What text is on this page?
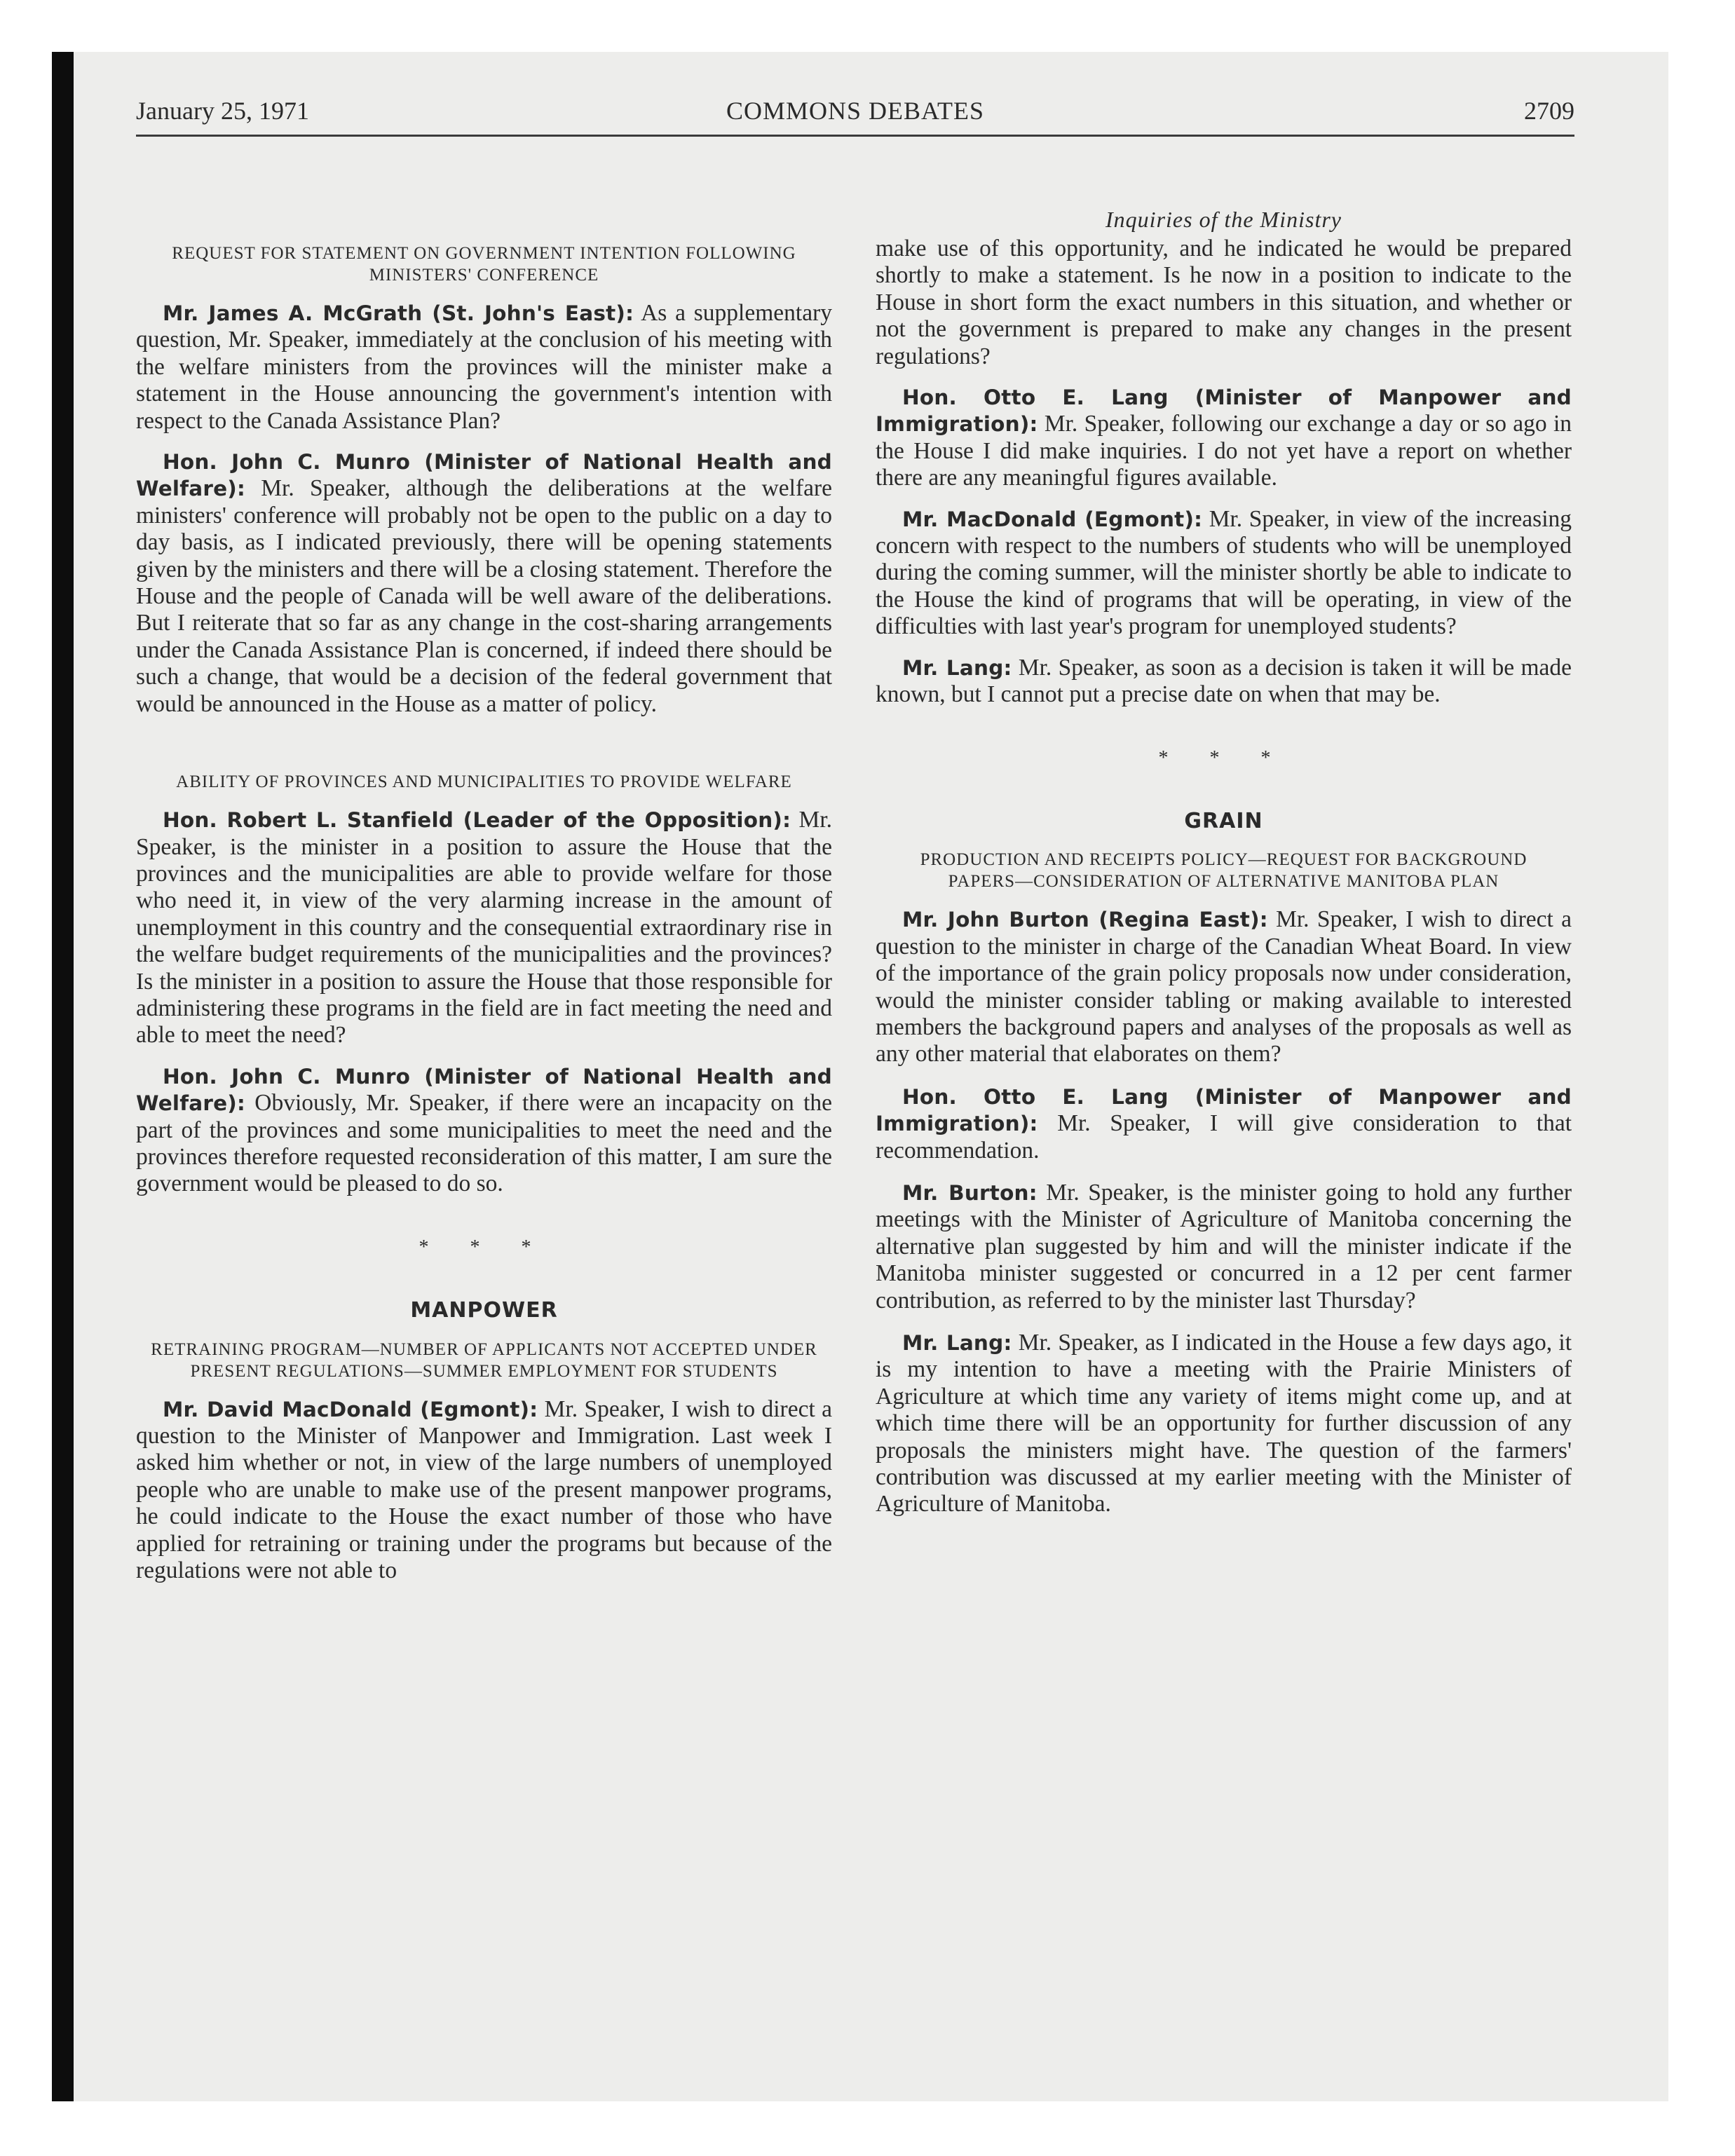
January 25, 1971	COMMONS DEBATES	2709
REQUEST FOR STATEMENT ON GOVERNMENT INTENTION FOLLOWING MINISTERS' CONFERENCE

Mr. James A. McGrath (St. John's East): As a supplementary question, Mr. Speaker, immediately at the conclusion of his meeting with the welfare ministers from the provinces will the minister make a statement in the House announcing the government's intention with respect to the Canada Assistance Plan?

Hon. John C. Munro (Minister of National Health and Welfare): Mr. Speaker, although the deliberations at the welfare ministers' conference will probably not be open to the public on a day to day basis, as I indicated previously, there will be opening statements given by the ministers and there will be a closing statement. Therefore the House and the people of Canada will be well aware of the deliberations. But I reiterate that so far as any change in the cost-sharing arrangements under the Canada Assistance Plan is concerned, if indeed there should be such a change, that would be a decision of the federal government that would be announced in the House as a matter of policy.

ABILITY OF PROVINCES AND MUNICIPALITIES TO PROVIDE WELFARE

Hon. Robert L. Stanfield (Leader of the Opposition): Mr. Speaker, is the minister in a position to assure the House that the provinces and the municipalities are able to provide welfare for those who need it, in view of the very alarming increase in the amount of unemployment in this country and the consequential extraordinary rise in the welfare budget requirements of the municipalities and the provinces? Is the minister in a position to assure the House that those responsible for administering these programs in the field are in fact meeting the need and able to meet the need?

Hon. John C. Munro (Minister of National Health and Welfare): Obviously, Mr. Speaker, if there were an incapacity on the part of the provinces and some municipalities to meet the need and the provinces therefore requested reconsideration of this matter, I am sure the government would be pleased to do so.

* * *

MANPOWER

RETRAINING PROGRAM—NUMBER OF APPLICANTS NOT ACCEPTED UNDER PRESENT REGULATIONS—SUMMER EMPLOYMENT FOR STUDENTS

Mr. David MacDonald (Egmont): Mr. Speaker, I wish to direct a question to the Minister of Manpower and Immigration. Last week I asked him whether or not, in view of the large numbers of unemployed people who are unable to make use of the present manpower programs, he could indicate to the House the exact number of those who have applied for retraining or training under the programs but because of the regulations were not able to

Inquiries of the Ministry

make use of this opportunity, and he indicated he would be prepared shortly to make a statement. Is he now in a position to indicate to the House in short form the exact numbers in this situation, and whether or not the government is prepared to make any changes in the present regulations?

Hon. Otto E. Lang (Minister of Manpower and Immigration): Mr. Speaker, following our exchange a day or so ago in the House I did make inquiries. I do not yet have a report on whether there are any meaningful figures available.

Mr. MacDonald (Egmont): Mr. Speaker, in view of the increasing concern with respect to the numbers of students who will be unemployed during the coming summer, will the minister shortly be able to indicate to the House the kind of programs that will be operating, in view of the difficulties with last year's program for unemployed students?

Mr. Lang: Mr. Speaker, as soon as a decision is taken it will be made known, but I cannot put a precise date on when that may be.

* * *

GRAIN

PRODUCTION AND RECEIPTS POLICY—REQUEST FOR BACKGROUND PAPERS—CONSIDERATION OF ALTERNATIVE MANITOBA PLAN

Mr. John Burton (Regina East): Mr. Speaker, I wish to direct a question to the minister in charge of the Canadian Wheat Board. In view of the importance of the grain policy proposals now under consideration, would the minister consider tabling or making available to interested members the background papers and analyses of the proposals as well as any other material that elaborates on them?

Hon. Otto E. Lang (Minister of Manpower and Immigration): Mr. Speaker, I will give consideration to that recommendation.

Mr. Burton: Mr. Speaker, is the minister going to hold any further meetings with the Minister of Agriculture of Manitoba concerning the alternative plan suggested by him and will the minister indicate if the Manitoba minister suggested or concurred in a 12 per cent farmer contribution, as referred to by the minister last Thursday?

Mr. Lang: Mr. Speaker, as I indicated in the House a few days ago, it is my intention to have a meeting with the Prairie Ministers of Agriculture at which time any variety of items might come up, and at which time there will be an opportunity for further discussion of any proposals the ministers might have. The question of the farmers' contribution was discussed at my earlier meeting with the Minister of Agriculture of Manitoba.
